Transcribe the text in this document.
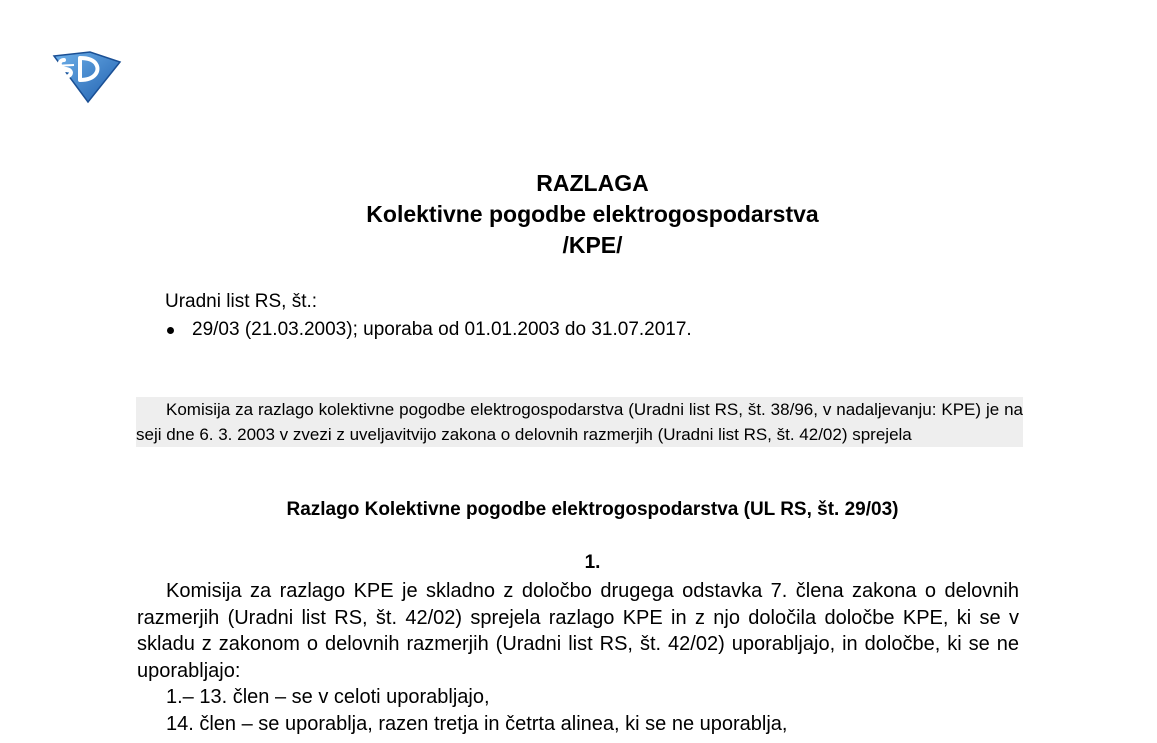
RAZLAGA
Kolektivne pogodbe elektrogospodarstva
/KPE/
Uradni list RS, št.:
29/03 (21.03.2003); uporaba od 01.01.2003 do 31.07.2017.

Komisija za razlago kolektivne pogodbe elektrogospodarstva (Uradni list RS, št. 38/96, v nadaljevanju: KPE) je na seji dne 6. 3. 2003 v zvezi z uveljavitvijo zakona o delovnih razmerjih (Uradni list RS, št. 42/02) sprejela

Razlago Kolektivne pogodbe elektrogospodarstva (UL RS, št. 29/03)
1.

Komisija za razlago KPE je skladno z določbo drugega odstavka 7. člena zakona o delovnih razmerjih (Uradni list RS, št. 42/02) sprejela razlago KPE in z njo določila določbe KPE, ki se v skladu z zakonom o delovnih razmerjih (Uradni list RS, št. 42/02) uporabljajo, in določbe, ki se ne uporabljajo:

1.– 13. člen – se v celoti uporabljajo,
14. člen – se uporablja, razen tretja in četrta alinea, ki se ne uporablja,
